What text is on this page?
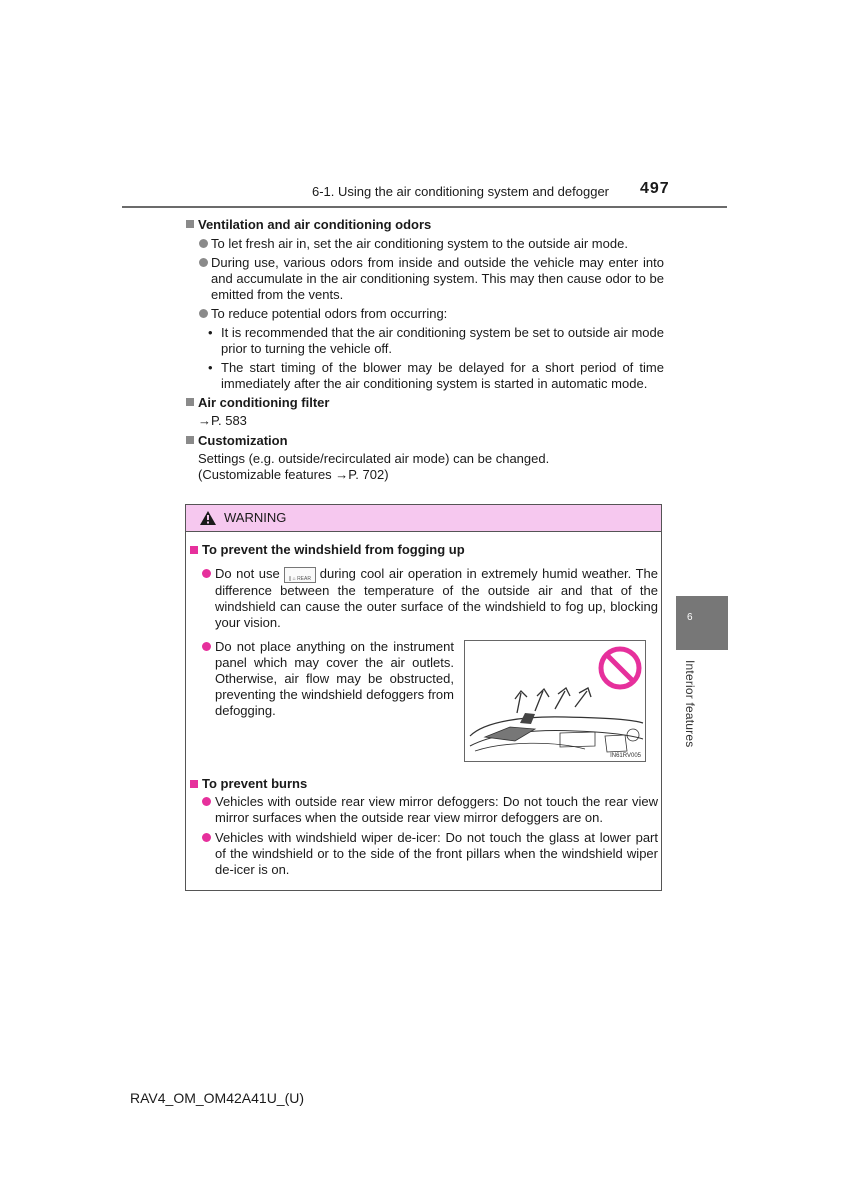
6-1. Using the air conditioning system and defogger 497
Ventilation and air conditioning odors
To let fresh air in, set the air conditioning system to the outside air mode.
During use, various odors from inside and outside the vehicle may enter into and accumulate in the air conditioning system. This may then cause odor to be emitted from the vents.
To reduce potential odors from occurring:
• It is recommended that the air conditioning system be set to outside air mode prior to turning the vehicle off.
• The start timing of the blower may be delayed for a short period of time immediately after the air conditioning system is started in automatic mode.
Air conditioning filter
→P. 583
Customization
Settings (e.g. outside/recirculated air mode) can be changed.
(Customizable features →P. 702)
WARNING
To prevent the windshield from fogging up
Do not use ∥ ⌂ REAR during cool air operation in extremely humid weather. The difference between the temperature of the outside air and that of the windshield can cause the outer surface of the windshield to fog up, blocking your vision.
Do not place anything on the instrument panel which may cover the air outlets. Otherwise, air flow may be obstructed, preventing the windshield defoggers from defogging.
To prevent burns
Vehicles with outside rear view mirror defoggers: Do not touch the rear view mirror surfaces when the outside rear view mirror defoggers are on.
Vehicles with windshield wiper de-icer: Do not touch the glass at lower part of the windshield or to the side of the front pillars when the windshield wiper de-icer is on.
IN61RV005
6
Interior features
RAV4_OM_OM42A41U_(U)
